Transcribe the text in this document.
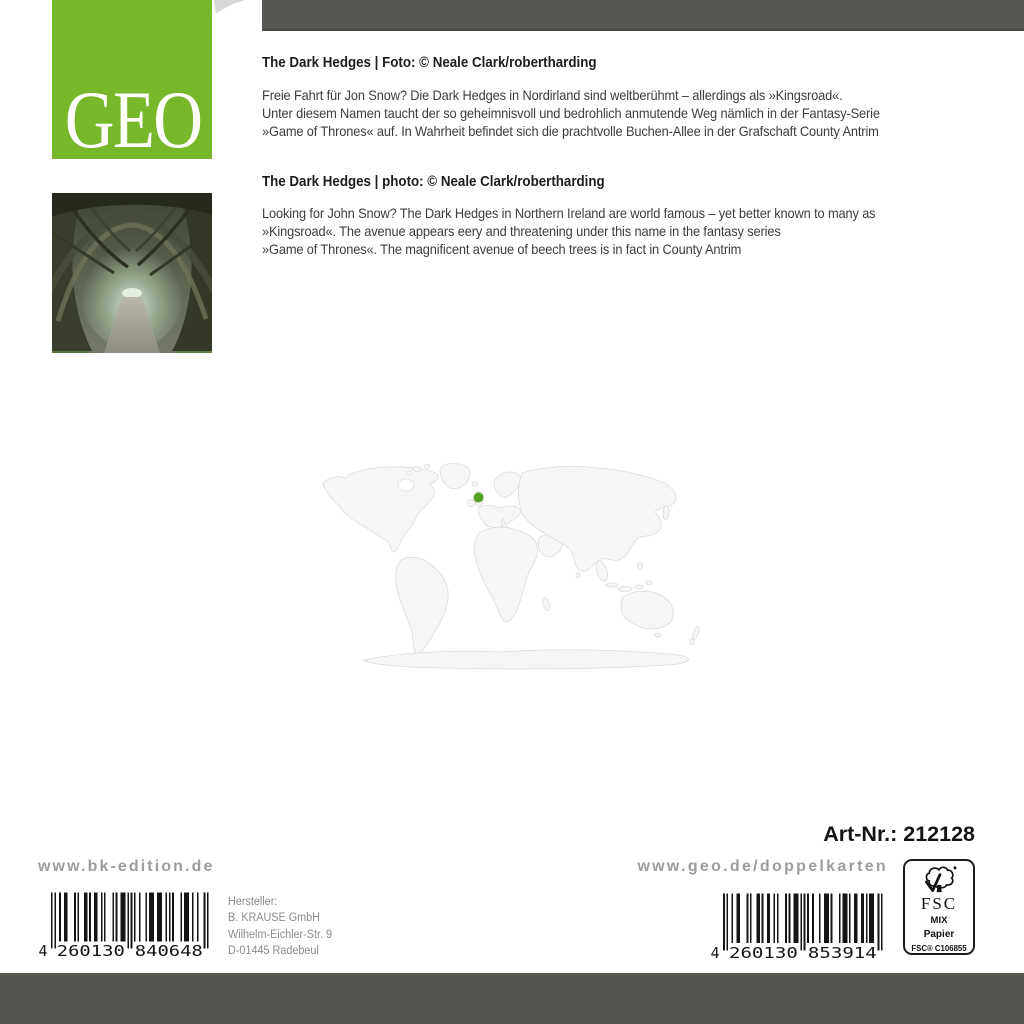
GEO
The Dark Hedges | Foto: © Neale Clark/robertharding
Freie Fahrt für Jon Snow? Die Dark Hedges in Nordirland sind weltberühmt – allerdings als »Kingsroad«.
Unter diesem Namen taucht der so geheimnisvoll und bedrohlich anmutende Weg nämlich in der Fantasy-Serie
»Game of Thrones« auf. In Wahrheit befindet sich die prachtvolle Buchen-Allee in der Grafschaft County Antrim
The Dark Hedges | photo: © Neale Clark/robertharding
Looking for John Snow? The Dark Hedges in Northern Ireland are world famous – yet better known to many as
»Kingsroad«. The avenue appears eery and threatening under this name in the fantasy series
»Game of Thrones«. The magnificent avenue of beech trees is in fact in County Antrim
Art-Nr.: 212128
www.bk-edition.de	www.geo.de/doppelkarten
4 260130 840648
Hersteller:
B. KRAUSE GmbH
Wilhelm-Eichler-Str. 9
D-01445 Radebeul	4 260130 853914
FSC
MIX
Papier
FSC® C106855
